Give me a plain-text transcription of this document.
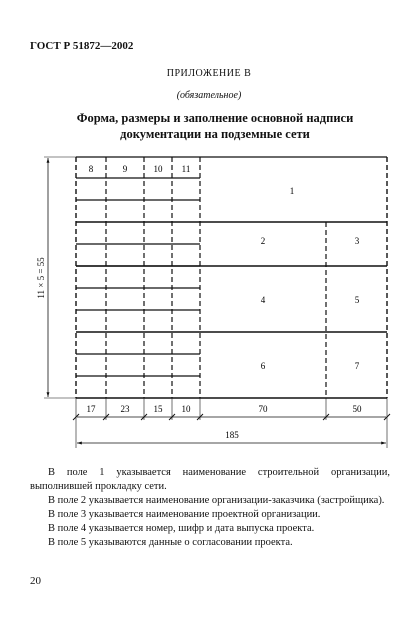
ГОСТ Р 51872—2002
ПРИЛОЖЕНИЕ В
(обязательное)
Форма, размеры и заполнение основной надписи
документации на подземные сети
8	9	10 11
1
2	3
4	5
6	7
11 × 5 = 55
17	23	15 10	70	50
185

В поле 1 указывается наименование строительной организации, выполнившей прокладку сети.

В поле 2 указывается наименование организации-заказчика (застройщика).

В поле 3 указывается наименование проектной организации.

В поле 4 указывается номер, шифр и дата выпуска проекта.

В поле 5 указываются данные о согласовании проекта.

20
